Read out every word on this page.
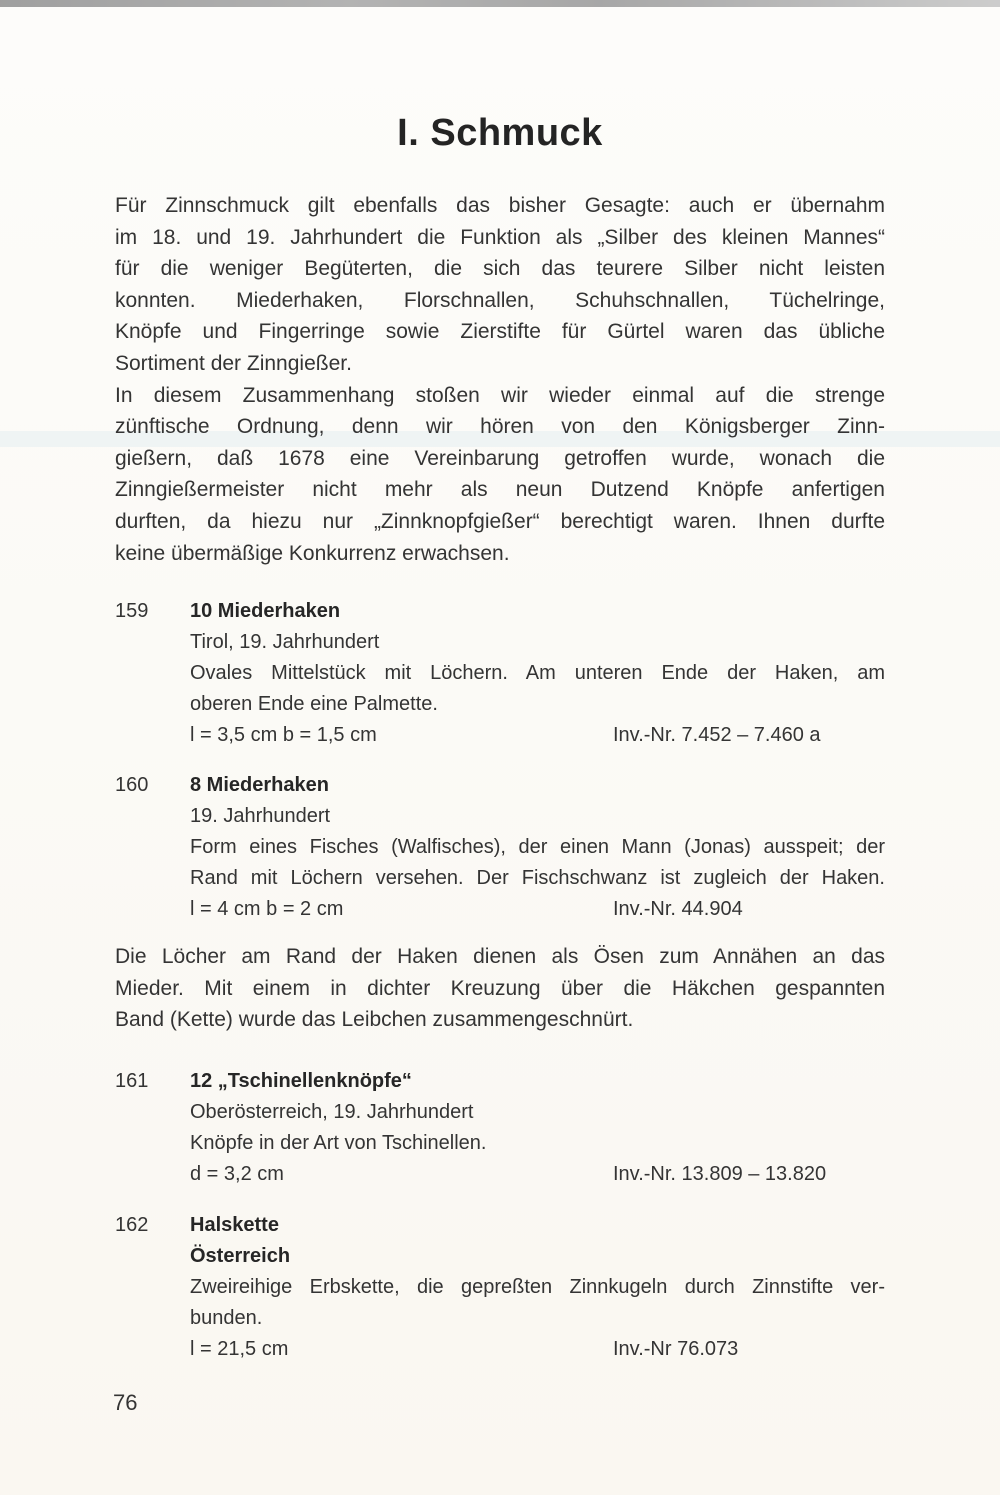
I. Schmuck
Für Zinnschmuck gilt ebenfalls das bisher Gesagte: auch er übernahm
im 18. und 19. Jahrhundert die Funktion als „Silber des kleinen Mannes“
für die weniger Begüterten, die sich das teurere Silber nicht leisten
konnten. Miederhaken, Florschnallen, Schuhschnallen, Tüchelringe,
Knöpfe und Fingerringe sowie Zierstifte für Gürtel waren das übliche
Sortiment der Zinngießer.
In diesem Zusammenhang stoßen wir wieder einmal auf die strenge
zünftische Ordnung, denn wir hören von den Königsberger Zinn-
gießern, daß 1678 eine Vereinbarung getroffen wurde, wonach die
Zinngießermeister nicht mehr als neun Dutzend Knöpfe anfertigen
durften, da hiezu nur „Zinnknopfgießer“ berechtigt waren. Ihnen durfte
keine übermäßige Konkurrenz erwachsen.
159 10 Miederhaken
Tirol, 19. Jahrhundert
Ovales Mittelstück mit Löchern. Am unteren Ende der Haken, am
oberen Ende eine Palmette.
l = 3,5 cm b = 1,5 cm	Inv.-Nr. 7.452 – 7.460 a
160 8 Miederhaken
19. Jahrhundert
Form eines Fisches (Walfisches), der einen Mann (Jonas) ausspeit; der
Rand mit Löchern versehen. Der Fischschwanz ist zugleich der Haken.
l = 4 cm b = 2 cm	Inv.-Nr. 44.904
Die Löcher am Rand der Haken dienen als Ösen zum Annähen an das
Mieder. Mit einem in dichter Kreuzung über die Häkchen gespannten
Band (Kette) wurde das Leibchen zusammengeschnürt.
161 12 „Tschinellenknöpfe“
Oberösterreich, 19. Jahrhundert
Knöpfe in der Art von Tschinellen.
d = 3,2 cm	Inv.-Nr. 13.809 – 13.820
162 Halskette
Österreich
Zweireihige Erbskette, die gepreßten Zinnkugeln durch Zinnstifte ver-
bunden.
l = 21,5 cm	Inv.-Nr 76.073
76
